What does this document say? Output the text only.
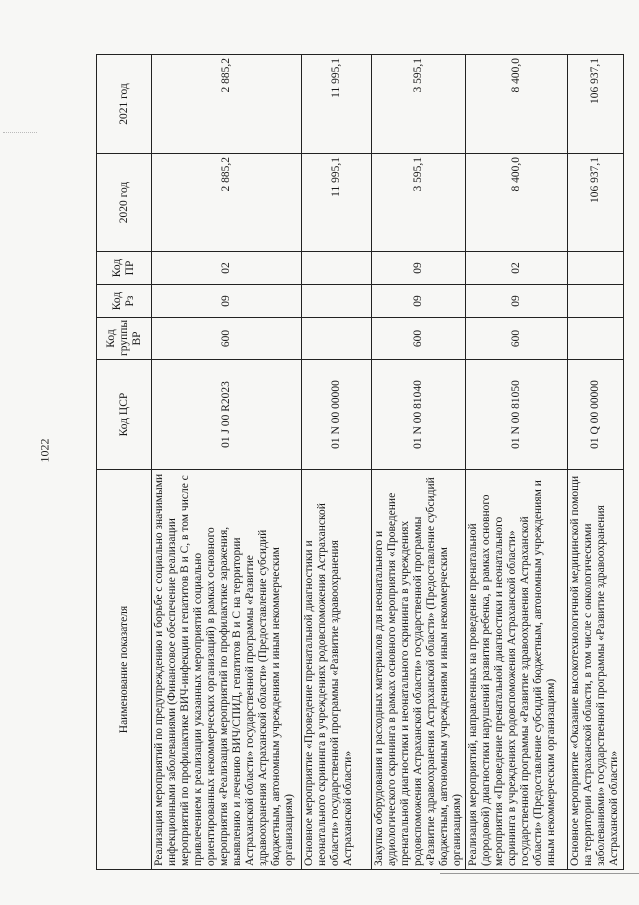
1022
Наименование показателя	Код ЦСР	Код группы ВР	Код Рз	Код ПР	2020 год	2021 год
Реализация мероприятий по предупреждению и борьбе с социально значимыми инфекционными заболеваниями (Финансовое обеспечение реализации мероприятий по профилактике ВИЧ-инфекции и гепатитов В и С, в том числе с привлечением к реализации указанных мероприятий социально ориентированных некоммерческих организаций) в рамках основного мероприятия «Реализация мероприятий по профилактике заражения, выявлению и лечению ВИЧ/СПИД, гепатитов В и С на территории Астраханской области» государственной программы «Развитие здравоохранения Астраханской области» (Предоставление субсидий бюджетным, автономным учреждениям и иным некоммерческим организациям)	01 J 00 R2023	600	09	02	2 885,2	2 885,2
Основное мероприятие «Проведение пренатальной диагностики и неонатального скрининга в учреждениях родовспоможения Астраханской области» государственной программы «Развитие здравоохранения Астраханской области»	01 N 00 00000				11 995,1	11 995,1
Закупка оборудования и расходных материалов для неонатального и аудиологического скрининга в рамках основного мероприятия «Проведение пренатальной диагностики и неонатального скрининга в учреждениях родовспоможения Астраханской области» государственной программы «Развитие здравоохранения Астраханской области» (Предоставление субсидий бюджетным, автономным учреждениям и иным некоммерческим организациям)	01 N 00 81040	600	09	09	3 595,1	3 595,1
Реализация мероприятий, направленных на проведение пренатальной (дородовой) диагностики нарушений развития ребенка, в рамках основного мероприятия «Проведение пренатальной диагностики и неонатального скрининга в учреждениях родовспоможения Астраханской области» государственной программы «Развитие здравоохранения Астраханской области» (Предоставление субсидий бюджетным, автономным учреждениям и иным некоммерческим организациям)	01 N 00 81050	600	09	02	8 400,0	8 400,0
Основное мероприятие «Оказание высокотехнологичной медицинской помощи на территории Астраханской области, в том числе с онкологическими заболеваниями» государственной программы «Развитие здравоохранения Астраханской области»	01 Q 00 00000				106 937,1	106 937,1
